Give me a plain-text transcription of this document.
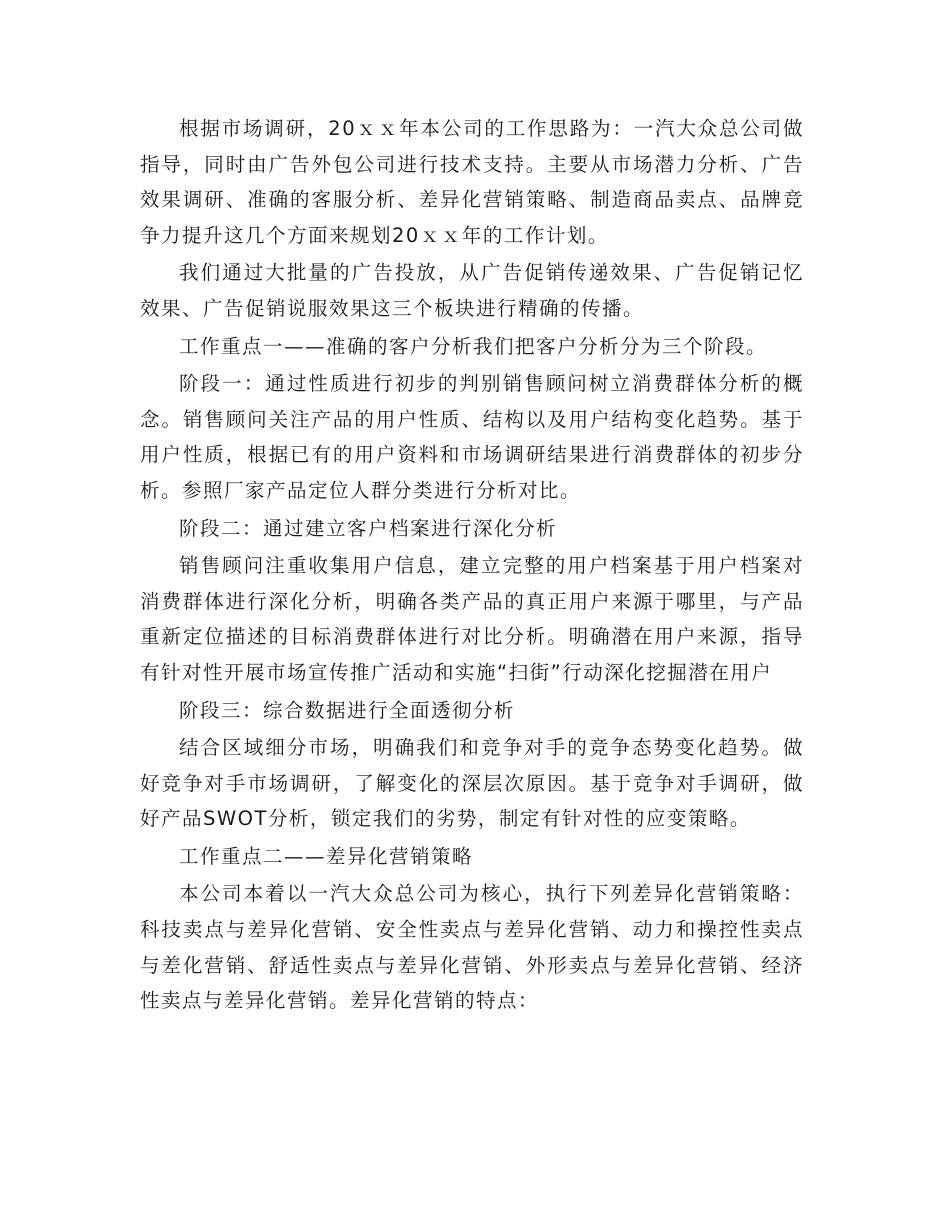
根据市场调研，20ｘｘ年本公司的工作思路为：一汽大众总公司做指导，同时由广告外包公司进行技术支持。主要从市场潜力分析、广告效果调研、准确的客服分析、差异化营销策略、制造商品卖点、品牌竞争力提升这几个方面来规划20ｘｘ年的工作计划。

我们通过大批量的广告投放，从广告促销传递效果、广告促销记忆效果、广告促销说服效果这三个板块进行精确的传播。

工作重点一——准确的客户分析我们把客户分析分为三个阶段。

阶段一：通过性质进行初步的判别销售顾问树立消费群体分析的概念。销售顾问关注产品的用户性质、结构以及用户结构变化趋势。基于用户性质，根据已有的用户资料和市场调研结果进行消费群体的初步分析。参照厂家产品定位人群分类进行分析对比。

阶段二：通过建立客户档案进行深化分析

销售顾问注重收集用户信息，建立完整的用户档案基于用户档案对消费群体进行深化分析，明确各类产品的真正用户来源于哪里，与产品重新定位描述的目标消费群体进行对比分析。明确潜在用户来源，指导有针对性开展市场宣传推广活动和实施“扫街”行动深化挖掘潜在用户

阶段三：综合数据进行全面透彻分析

结合区域细分市场，明确我们和竞争对手的竞争态势变化趋势。做好竞争对手市场调研，了解变化的深层次原因。基于竞争对手调研，做好产品SWOT分析，锁定我们的劣势，制定有针对性的应变策略。

工作重点二——差异化营销策略

本公司本着以一汽大众总公司为核心，执行下列差异化营销策略：科技卖点与差异化营销、安全性卖点与差异化营销、动力和操控性卖点与差化营销、舒适性卖点与差异化营销、外形卖点与差异化营销、经济性卖点与差异化营销。差异化营销的特点：
